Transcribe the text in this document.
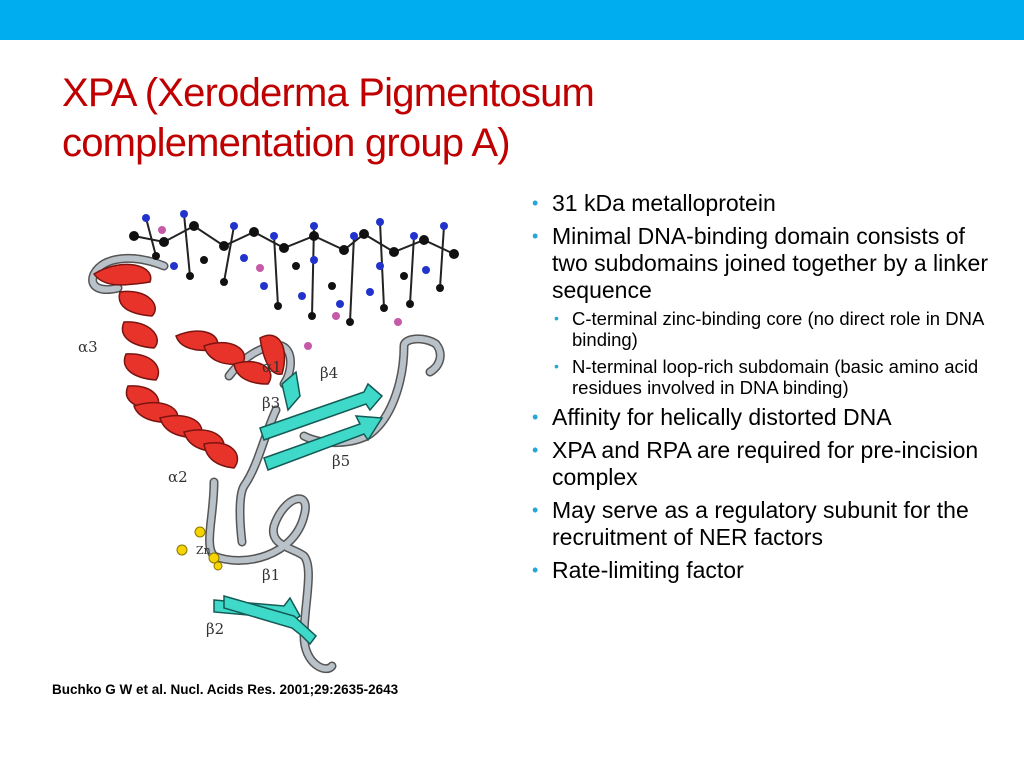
XPA (Xeroderma Pigmentosum
complementation group A)
α3
α1
β3
β4
β5
α2
Zn
β1
β2
Buchko G W et al. Nucl. Acids Res. 2001;29:2635-2643
• 31 kDa metalloprotein
• Minimal DNA-binding domain consists of two subdomains joined together by a linker sequence
• C-terminal zinc-binding core (no direct role in DNA binding)
• N-terminal loop-rich subdomain (basic amino acid residues involved in DNA binding)
• Affinity for helically distorted DNA
• XPA and RPA are required for pre-incision complex
• May serve as a regulatory subunit for the recruitment of NER factors
• Rate-limiting factor
